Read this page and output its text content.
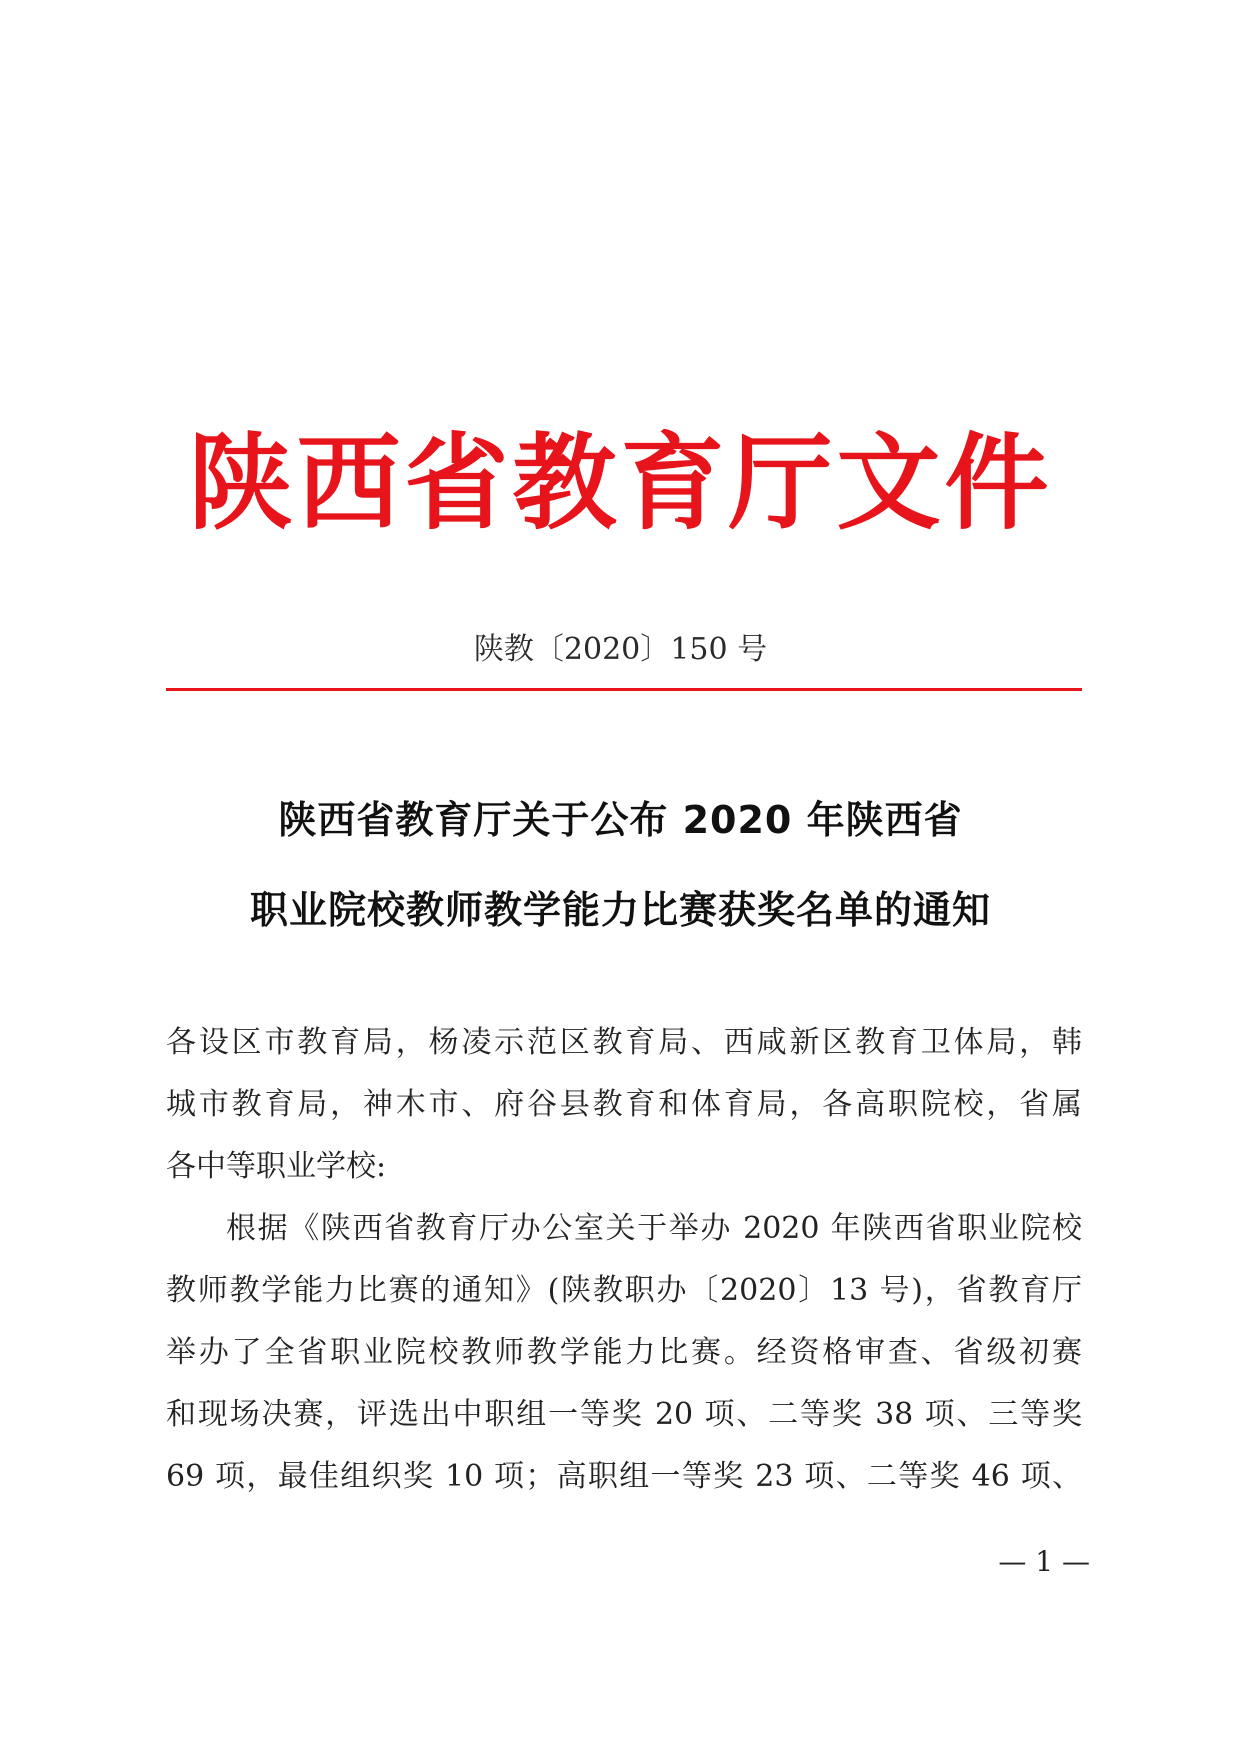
陕西省教育厅文件
陕教〔2020〕150 号
陕西省教育厅关于公布 2020 年陕西省
职业院校教师教学能力比赛获奖名单的通知
各设区市教育局，杨凌示范区教育局、西咸新区教育卫体局，韩
城市教育局，神木市、府谷县教育和体育局，各高职院校，省属
各中等职业学校:
根据《陕西省教育厅办公室关于举办 2020 年陕西省职业院校
教师教学能力比赛的通知》(陕教职办〔2020〕13 号)，省教育厅
举办了全省职业院校教师教学能力比赛。经资格审查、省级初赛
和现场决赛，评选出中职组一等奖 20 项、二等奖 38 项、三等奖
69 项，最佳组织奖 10 项；高职组一等奖 23 项、二等奖 46 项、
— 1 —
